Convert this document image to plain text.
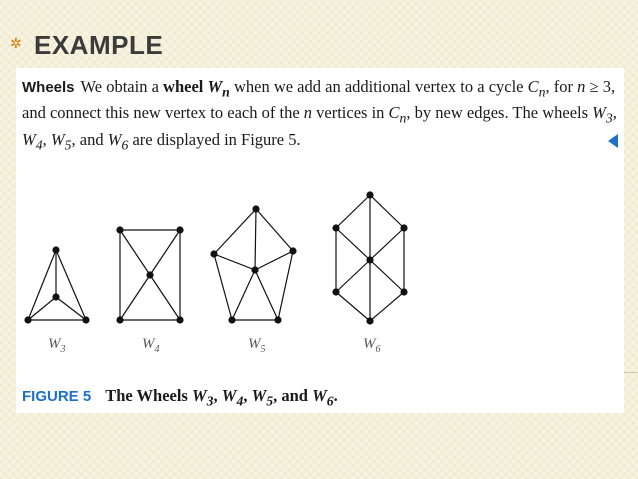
✲ EXAMPLE
Wheels We obtain a wheel $W_n$ when we add an additional vertex to a cycle $C_n$, for n ≥ 3, and connect this new vertex to each of the n vertices in $C_n$, by new edges. The wheels $W_3$, $W_4$, $W_5$, and $W_6$ are displayed in Figure 5.
$W_3$	$W_4$	$W_5$	$W_6$
FIGURE 5 The Wheels $W_3$, $W_4$, $W_5$, and $W_6$.
